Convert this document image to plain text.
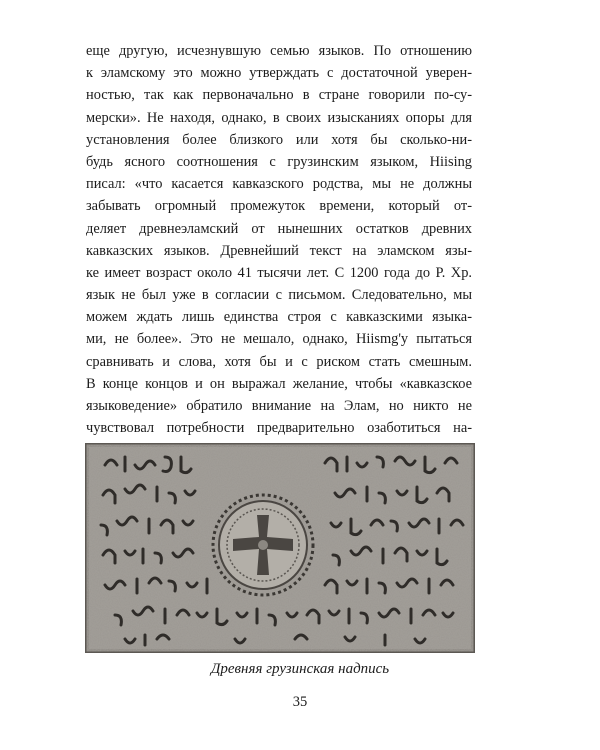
еще другую, исчезнувшую семью языков. По отношению
к эламскому это можно утверждать с достаточной уверен-
ностью, так как первоначально в стране говорили по-су-
мерски». Не находя, однако, в своих изысканиях опоры для
установления более близкого или хотя бы сколько-ни-
будь ясного соотношения с грузинским языком, Hiising
писал: «что касается кавказского родства, мы не должны
забывать огромный промежуток времени, который от-
деляет древнеэламский от нынешних остатков древних
кавказских языков. Древнейший текст на эламском язы-
ке имеет возраст около 41 тысячи лет. С 1200 года до Р. Хр.
язык не был уже в согласии с письмом. Следовательно, мы
можем ждать лишь единства строя с кавказскими языка-
ми, не более». Это не мешало, однако, Hiismg'у пытаться
сравнивать и слова, хотя бы и с риском стать смешным.
В конце концов и он выражал желание, чтобы «кавказское
языковедение» обратило внимание на Элам, но никто не
чувствовал потребности предварительно озаботиться на-
Древняя грузинская надпись
35
